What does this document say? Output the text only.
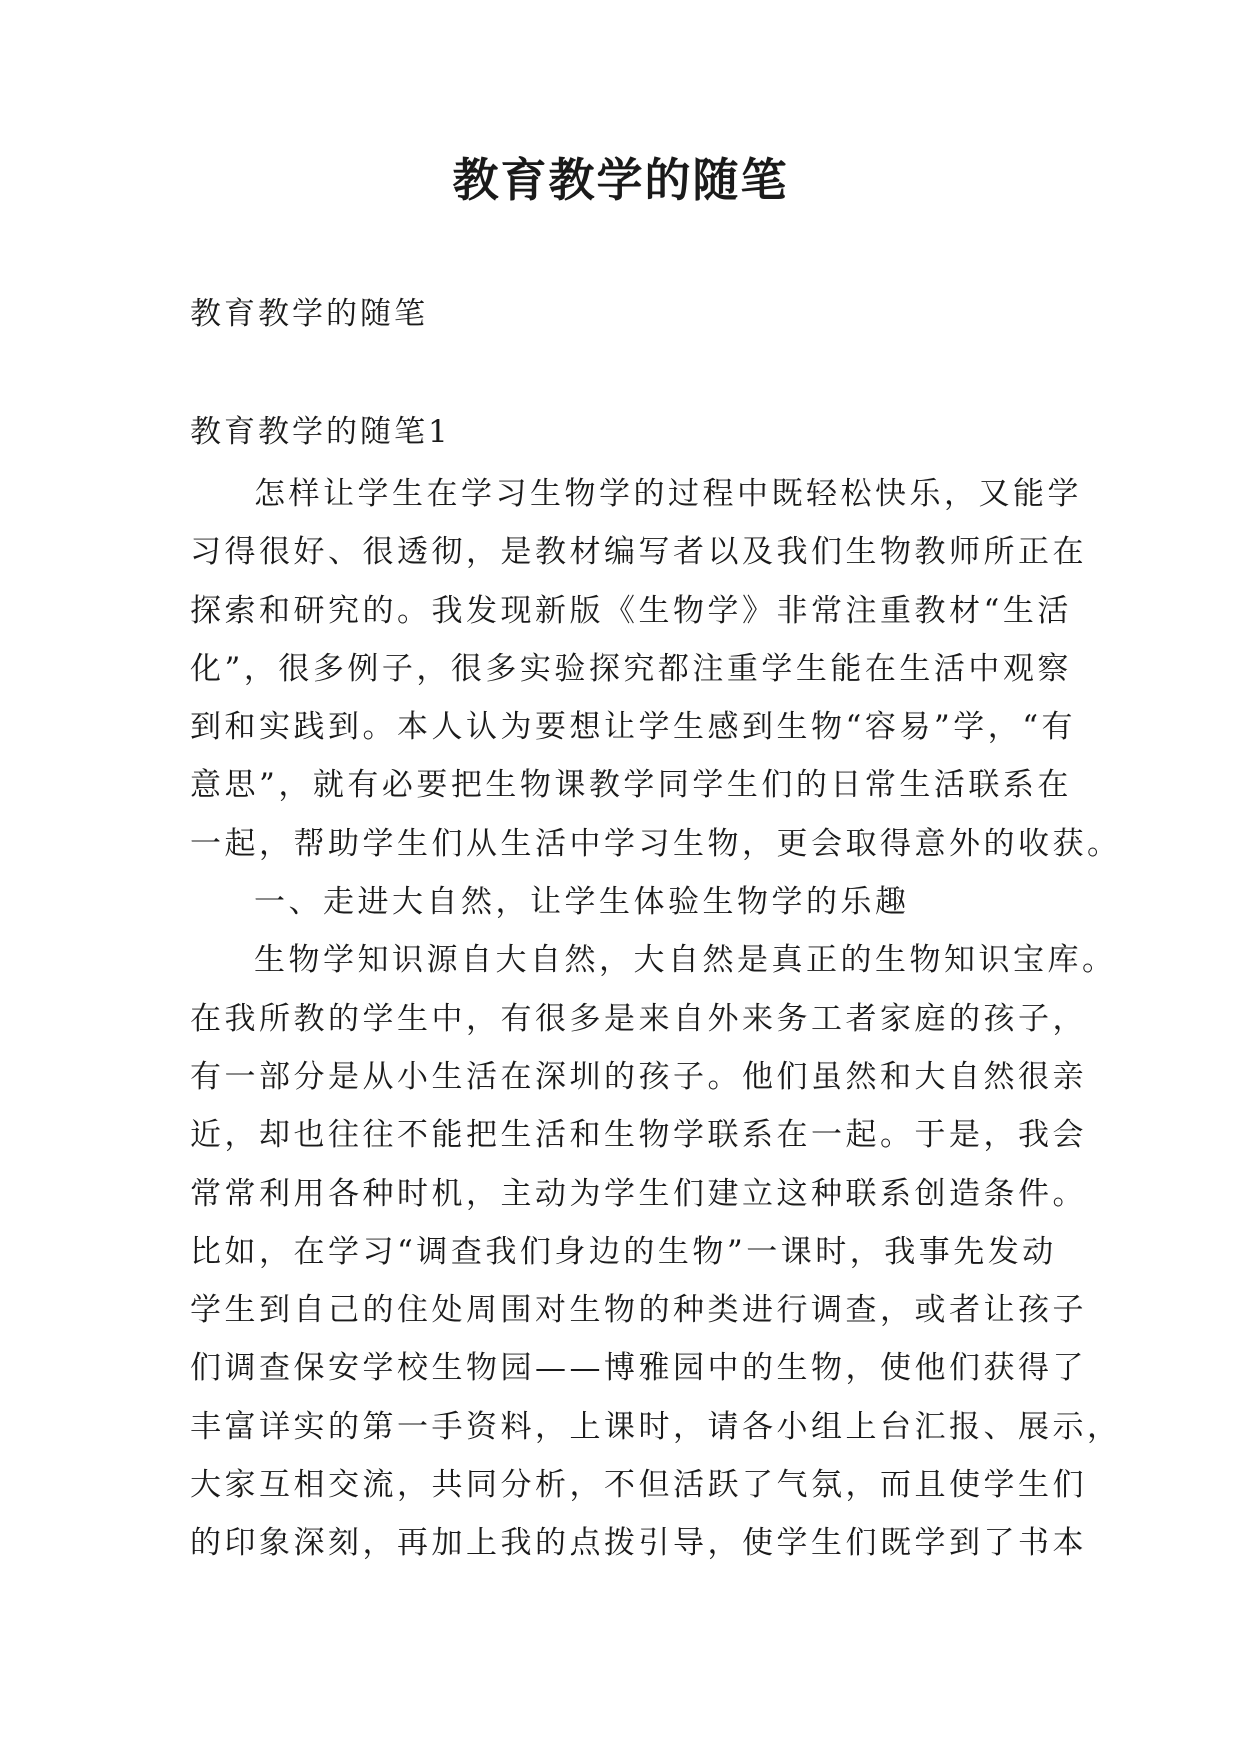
教育教学的随笔
教育教学的随笔
教育教学的随笔1
怎样让学生在学习生物学的过程中既轻松快乐，又能学
习得很好、很透彻，是教材编写者以及我们生物教师所正在
探索和研究的。我发现新版《生物学》非常注重教材“生活
化”，很多例子，很多实验探究都注重学生能在生活中观察
到和实践到。本人认为要想让学生感到生物“容易”学，“有
意思”，就有必要把生物课教学同学生们的日常生活联系在
一起，帮助学生们从生活中学习生物，更会取得意外的收获。
一、走进大自然，让学生体验生物学的乐趣
生物学知识源自大自然，大自然是真正的生物知识宝库。
在我所教的学生中，有很多是来自外来务工者家庭的孩子，
有一部分是从小生活在深圳的孩子。他们虽然和大自然很亲
近，却也往往不能把生活和生物学联系在一起。于是，我会
常常利用各种时机，主动为学生们建立这种联系创造条件。
比如，在学习“调查我们身边的生物”一课时，我事先发动
学生到自己的住处周围对生物的种类进行调查，或者让孩子
们调查保安学校生物园——博雅园中的生物，使他们获得了
丰富详实的第一手资料，上课时，请各小组上台汇报、展示，
大家互相交流，共同分析，不但活跃了气氛，而且使学生们
的印象深刻，再加上我的点拨引导，使学生们既学到了书本
